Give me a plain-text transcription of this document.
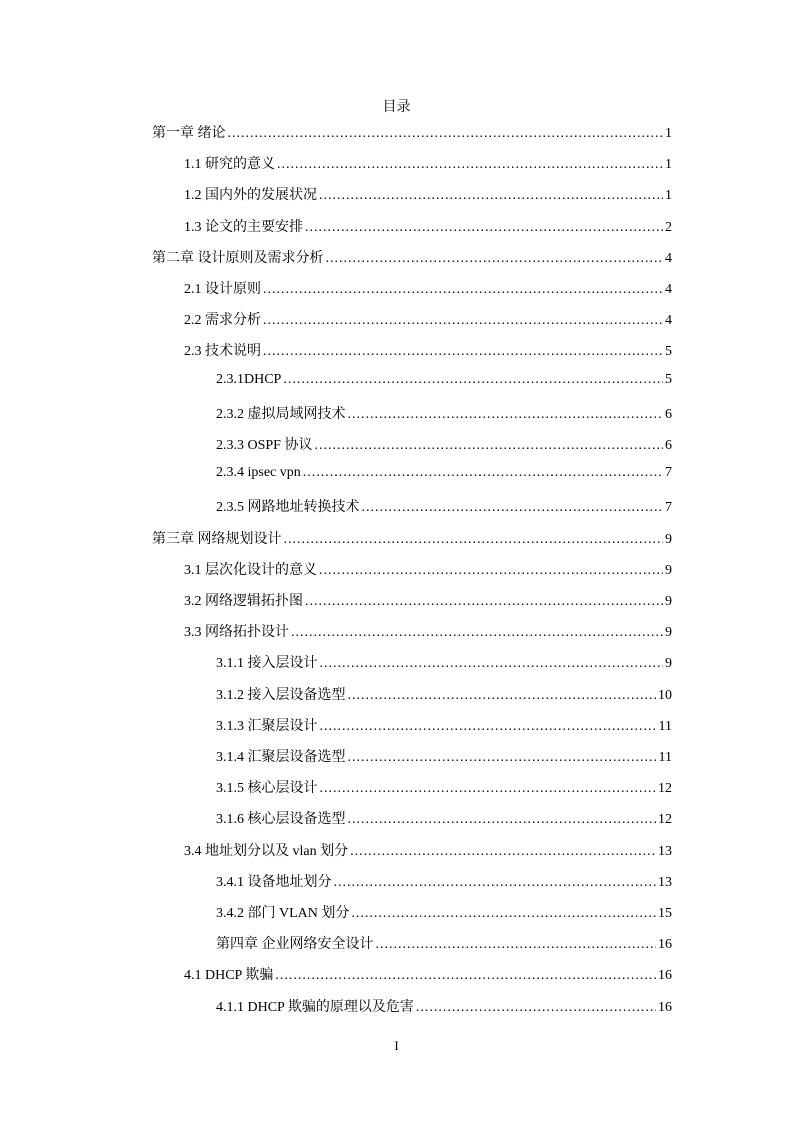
目录
第一章 绪论 .....	1
1.1 研究的意义 .....	1
1.2 国内外的发展状况 .....	1
1.3 论文的主要安排 .....	2
第二章 设计原则及需求分析 .....	4
2.1 设计原则 .....	4
2.2 需求分析 .....	4
2.3 技术说明 .....	5
2.3.1DHCP .....	5
2.3.2 虚拟局域网技术 .....	6
2.3.3 OSPF 协议 .....	6
2.3.4 ipsec vpn .....	7
2.3.5 网路地址转换技术 .....	7
第三章 网络规划设计 .....	9
3.1 层次化设计的意义 .....	9
3.2 网络逻辑拓扑图 .....	9
3.3 网络拓扑设计 .....	9
3.1.1 接入层设计 .....	9
3.1.2 接入层设备选型 .....	10
3.1.3 汇聚层设计 .....	11
3.1.4 汇聚层设备选型 .....	11
3.1.5 核心层设计 .....	12
3.1.6 核心层设备选型 .....	12
3.4 地址划分以及 vlan 划分 .....	13
3.4.1 设备地址划分 .....	13
3.4.2 部门 VLAN 划分 .....	15
第四章 企业网络安全设计 .....	16
4.1 DHCP 欺骗 .....	16
4.1.1 DHCP 欺骗的原理以及危害 .....	16
I
